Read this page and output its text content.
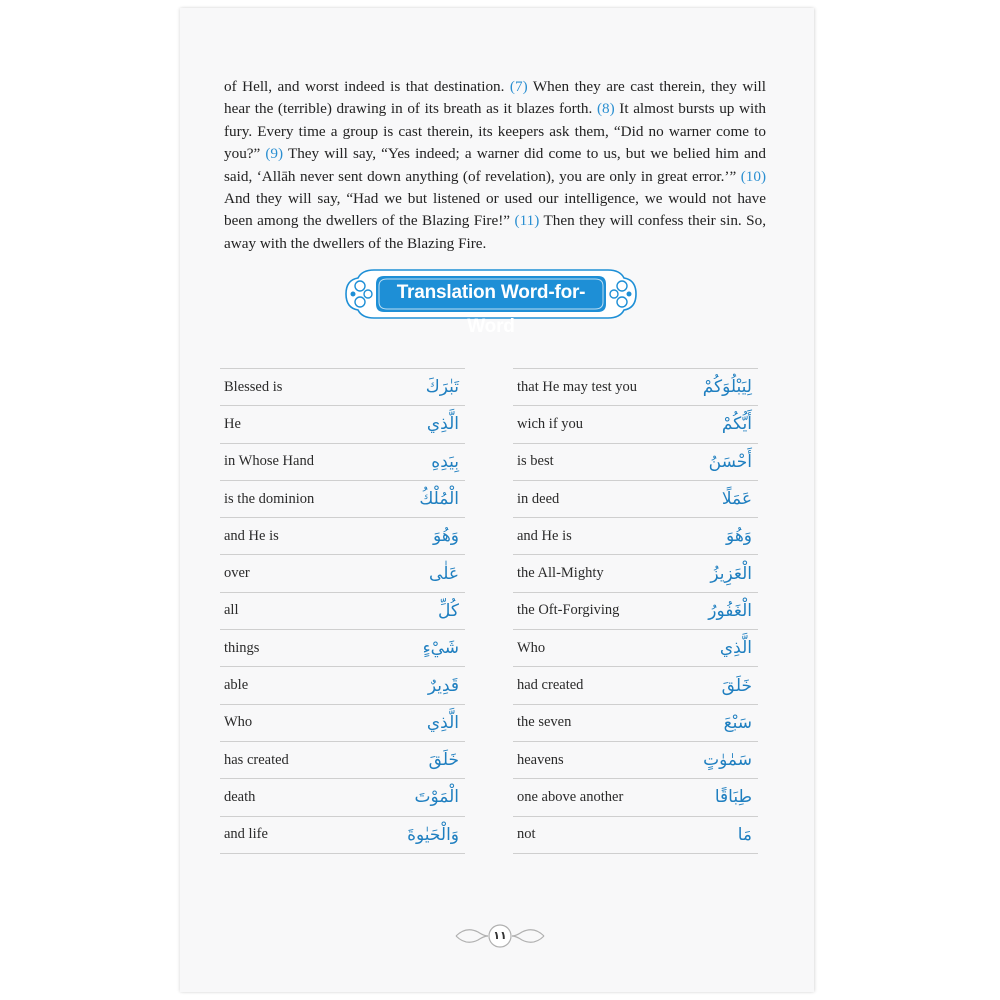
of Hell, and worst indeed is that destination. (7) When they are cast therein, they will hear the (terrible) drawing in of its breath as it blazes forth. (8) It almost bursts up with fury. Every time a group is cast therein, its keepers ask them, “Did no warner come to you?” (9) They will say, “Yes indeed; a warner did come to us, but we belied him and said, ‘Allāh never sent down anything (of revelation), you are only in great error.’” (10) And they will say, “Had we but listened or used our intelligence, we would not have been among the dwellers of the Blazing Fire!” (11) Then they will confess their sin. So, away with the dwellers of the Blazing Fire.

Translation Word-for-Word
Blessed is	تَبٰرَكَ
He	الَّذِي
in Whose Hand	بِيَدِهِ
is the dominion	الْمُلْكُ
and He is	وَهُوَ
over	عَلٰى
all	كُلِّ
things	شَيْءٍ
able	قَدِيرٌ
Who	الَّذِي
has created	خَلَقَ
death	الْمَوْتَ
and life	وَالْحَيٰوةَ
that He may test you	لِيَبْلُوَكُمْ
wich if you	أَيُّكُمْ
is best	أَحْسَنُ
in deed	عَمَلًا
and He is	وَهُوَ
the All-Mighty	الْعَزِيزُ
the Oft-Forgiving	الْغَفُورُ
Who	الَّذِي
had created	خَلَقَ
the seven	سَبْعَ
heavens	سَمٰوٰتٍ
one above another	طِبَاقًا
not	مَا
١١
